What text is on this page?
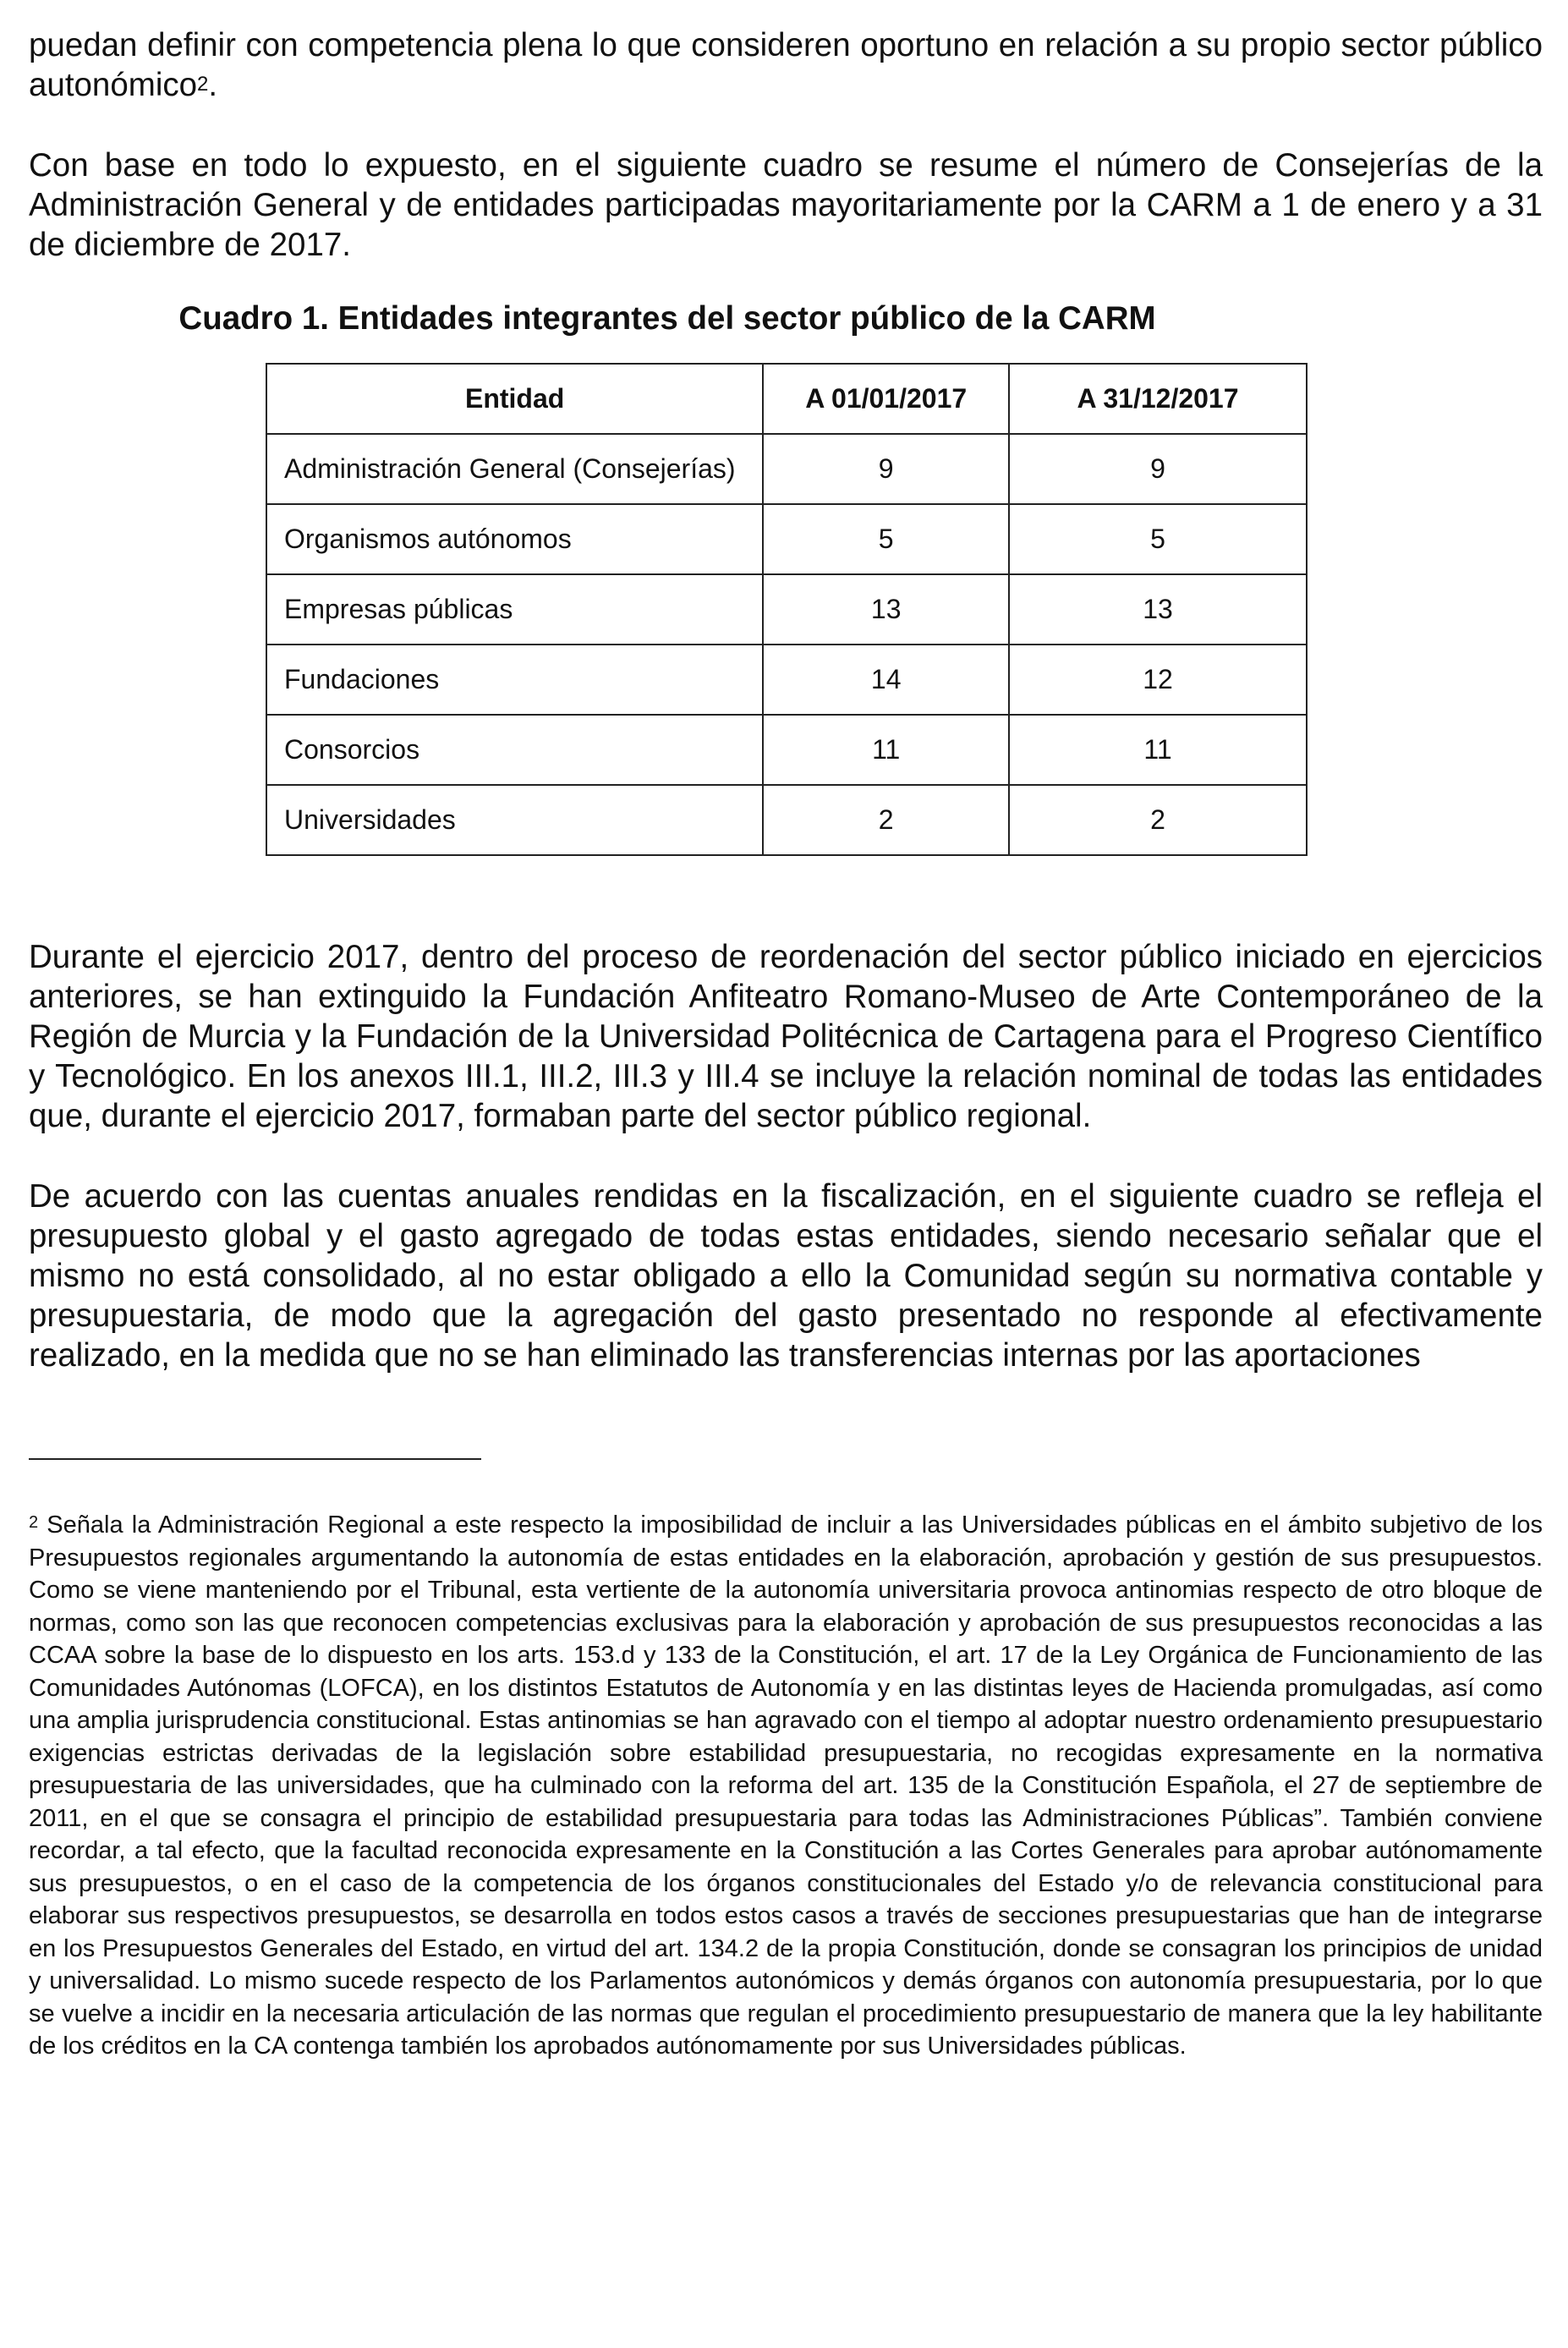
puedan definir con competencia plena lo que consideren oportuno en relación a su propio sector público autonómico$^2$.

Con base en todo lo expuesto, en el siguiente cuadro se resume el número de Consejerías de la Administración General y de entidades participadas mayoritariamente por la CARM a 1 de enero y a 31 de diciembre de 2017.

Cuadro 1. Entidades integrantes del sector público de la CARM
Entidad	A 01/01/2017	A 31/12/2017
Administración General (Consejerías)	9	9
Organismos autónomos	5	5
Empresas públicas	13	13
Fundaciones	14	12
Consorcios	11	11
Universidades	2	2

Durante el ejercicio 2017, dentro del proceso de reordenación del sector público iniciado en ejercicios anteriores, se han extinguido la Fundación Anfiteatro Romano-Museo de Arte Contemporáneo de la Región de Murcia y la Fundación de la Universidad Politécnica de Cartagena para el Progreso Científico y Tecnológico. En los anexos III.1, III.2, III.3 y III.4 se incluye la relación nominal de todas las entidades que, durante el ejercicio 2017, formaban parte del sector público regional.

De acuerdo con las cuentas anuales rendidas en la fiscalización, en el siguiente cuadro se refleja el presupuesto global y el gasto agregado de todas estas entidades, siendo necesario señalar que el mismo no está consolidado, al no estar obligado a ello la Comunidad según su normativa contable y presupuestaria, de modo que la agregación del gasto presentado no responde al efectivamente realizado, en la medida que no se han eliminado las transferencias internas por las aportaciones

$^2$ Señala la Administración Regional a este respecto la imposibilidad de incluir a las Universidades públicas en el ámbito subjetivo de los Presupuestos regionales argumentando la autonomía de estas entidades en la elaboración, aprobación y gestión de sus presupuestos. Como se viene manteniendo por el Tribunal, esta vertiente de la autonomía universitaria provoca antinomias respecto de otro bloque de normas, como son las que reconocen competencias exclusivas para la elaboración y aprobación de sus presupuestos reconocidas a las CCAA sobre la base de lo dispuesto en los arts. 153.d y 133 de la Constitución, el art. 17 de la Ley Orgánica de Funcionamiento de las Comunidades Autónomas (LOFCA), en los distintos Estatutos de Autonomía y en las distintas leyes de Hacienda promulgadas, así como una amplia jurisprudencia constitucional. Estas antinomias se han agravado con el tiempo al adoptar nuestro ordenamiento presupuestario exigencias estrictas derivadas de la legislación sobre estabilidad presupuestaria, no recogidas expresamente en la normativa presupuestaria de las universidades, que ha culminado con la reforma del art. 135 de la Constitución Española, el 27 de septiembre de 2011, en el que se consagra el principio de estabilidad presupuestaria para todas las Administraciones Públicas”. También conviene recordar, a tal efecto, que la facultad reconocida expresamente en la Constitución a las Cortes Generales para aprobar autónomamente sus presupuestos, o en el caso de la competencia de los órganos constitucionales del Estado y/o de relevancia constitucional para elaborar sus respectivos presupuestos, se desarrolla en todos estos casos a través de secciones presupuestarias que han de integrarse en los Presupuestos Generales del Estado, en virtud del art. 134.2 de la propia Constitución, donde se consagran los principios de unidad y universalidad. Lo mismo sucede respecto de los Parlamentos autonómicos y demás órganos con autonomía presupuestaria, por lo que se vuelve a incidir en la necesaria articulación de las normas que regulan el procedimiento presupuestario de manera que la ley habilitante de los créditos en la CA contenga también los aprobados autónomamente por sus Universidades públicas.
